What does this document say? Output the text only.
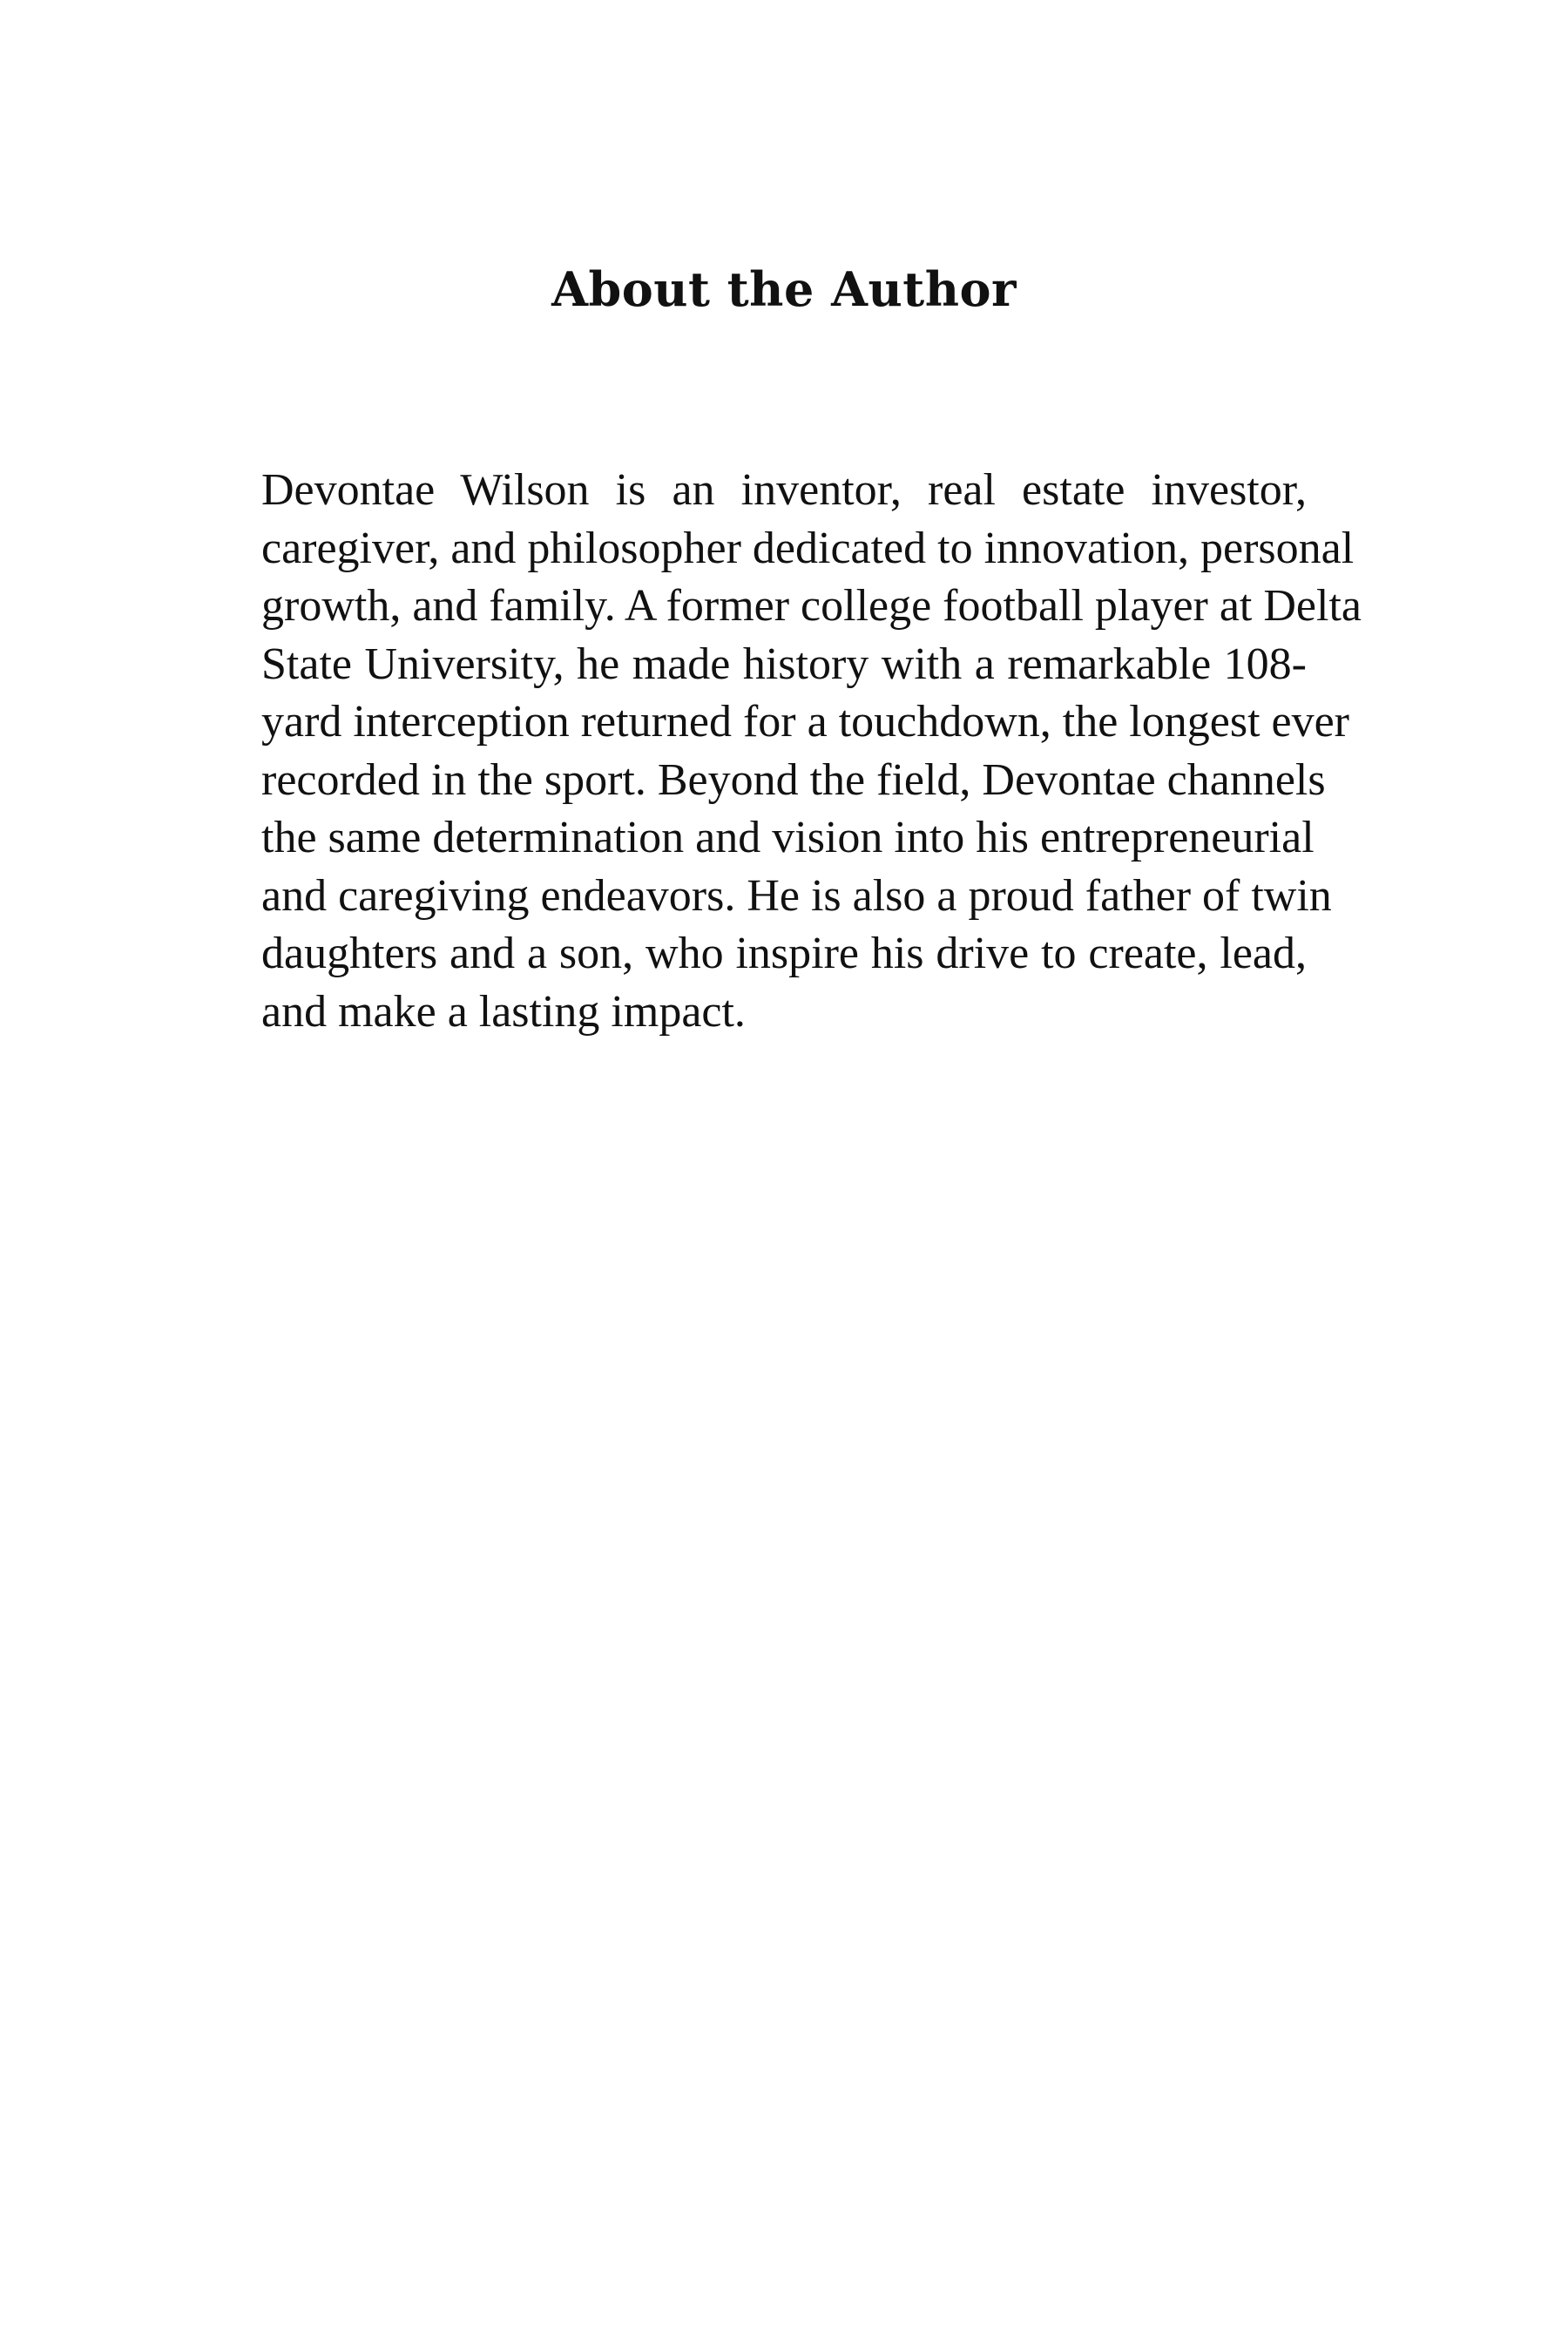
About the Author
Devontae Wilson is an inventor, real estate investor,
caregiver, and philosopher dedicated to innovation, personal
growth, and family. A former college football player at Delta
State University, he made history with a remarkable 108-
yard interception returned for a touchdown, the longest ever
recorded in the sport. Beyond the field, Devontae channels
the same determination and vision into his entrepreneurial
and caregiving endeavors. He is also a proud father of twin
daughters and a son, who inspire his drive to create, lead,
and make a lasting impact.
